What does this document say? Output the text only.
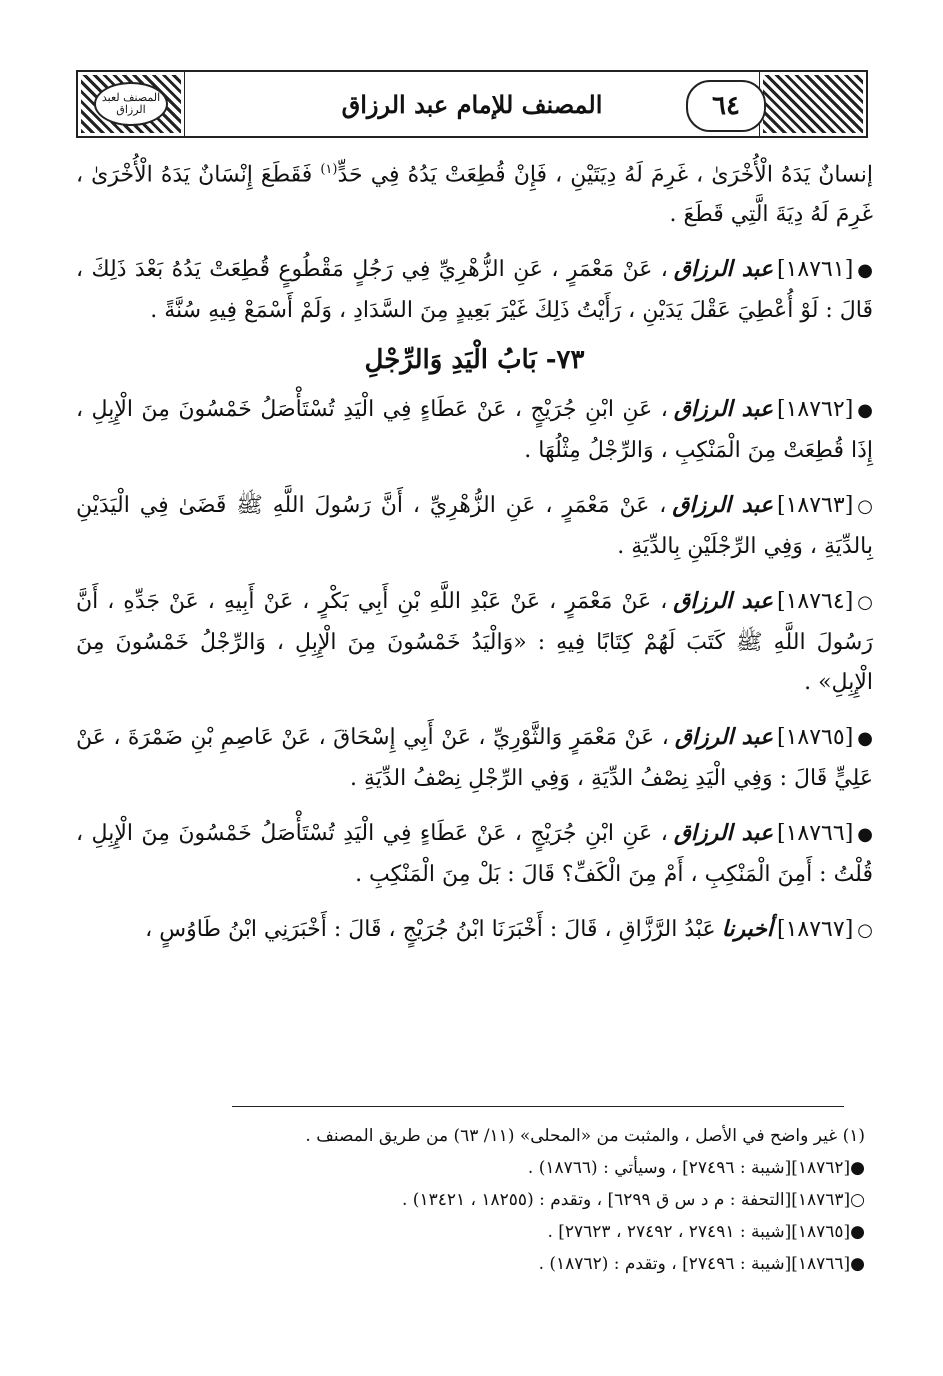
المصنف لعبد الرزاق	المصنف للإمام عبد الرزاق	٦٤
إنسانٌ يَدَهُ الْأُخْرَىٰ ، غَرِمَ لَهُ دِيَتَيْنِ ، فَإِنْ قُطِعَتْ يَدُهُ فِي حَدٍّ$^{(١)}$ فَقَطَعَ إِنْسَانٌ يَدَهُ الْأُخْرَىٰ ، غَرِمَ لَهُ دِيَةَ الَّتِي قَطَعَ .
●[١٨٧٦١]عبد الرزاق، عَنْ مَعْمَرٍ ، عَنِ الزُّهْرِيِّ فِي رَجُلٍ مَقْطُوعٍ قُطِعَتْ يَدُهُ بَعْدَ ذَلِكَ ، قَالَ : لَوْ أُعْطِيَ عَقْلَ يَدَيْنِ ، رَأَيْتُ ذَلِكَ غَيْرَ بَعِيدٍ مِنَ السَّدَادِ ، وَلَمْ أَسْمَعْ فِيهِ سُنَّةً .
٧٣- بَابُ الْيَدِ وَالرِّجْلِ
●[١٨٧٦٢]عبد الرزاق، عَنِ ابْنِ جُرَيْجٍ ، عَنْ عَطَاءٍ فِي الْيَدِ تُسْتَأْصَلُ خَمْسُونَ مِنَ الْإِبِلِ ، إِذَا قُطِعَتْ مِنَ الْمَنْكِبِ ، وَالرِّجْلُ مِثْلُهَا .
○[١٨٧٦٣]عبد الرزاق، عَنْ مَعْمَرٍ ، عَنِ الزُّهْرِيِّ ، أَنَّ رَسُولَ اللَّهِ ﷺ قَضَىٰ فِي الْيَدَيْنِ بِالدِّيَةِ ، وَفِي الرِّجْلَيْنِ بِالدِّيَةِ .
○[١٨٧٦٤]عبد الرزاق، عَنْ مَعْمَرٍ ، عَنْ عَبْدِ اللَّهِ بْنِ أَبِي بَكْرٍ ، عَنْ أَبِيهِ ، عَنْ جَدِّهِ ، أَنَّ رَسُولَ اللَّهِ ﷺ كَتَبَ لَهُمْ كِتَابًا فِيهِ : «وَالْيَدُ خَمْسُونَ مِنَ الْإِبِلِ ، وَالرِّجْلُ خَمْسُونَ مِنَ الْإِبِلِ» .
●[١٨٧٦٥]عبد الرزاق، عَنْ مَعْمَرٍ وَالثَّوْرِيِّ ، عَنْ أَبِي إِسْحَاقَ ، عَنْ عَاصِمِ بْنِ ضَمْرَةَ ، عَنْ عَلِيٍّ قَالَ : وَفِي الْيَدِ نِصْفُ الدِّيَةِ ، وَفِي الرِّجْلِ نِصْفُ الدِّيَةِ .
●[١٨٧٦٦]عبد الرزاق، عَنِ ابْنِ جُرَيْجٍ ، عَنْ عَطَاءٍ فِي الْيَدِ تُسْتَأْصَلُ خَمْسُونَ مِنَ الْإِبِلِ ، قُلْتُ : أَمِنَ الْمَنْكِبِ ، أَمْ مِنَ الْكَفِّ؟ قَالَ : بَلْ مِنَ الْمَنْكِبِ .
○[١٨٧٦٧]أخبرناعَبْدُ الرَّزَّاقِ ، قَالَ : أَخْبَرَنَا ابْنُ جُرَيْجٍ ، قَالَ : أَخْبَرَنِي ابْنُ طَاوُسٍ ،
(١) غير واضح في الأصل ، والمثبت من «المحلى» (١١/ ٦٣) من طريق المصنف .
●[١٨٧٦٢][شيبة : ٢٧٤٩٦] ، وسيأتي : (١٨٧٦٦) .
○[١٨٧٦٣][التحفة : م د س ق ٦٢٩٩] ، وتقدم : (١٨٢٥٥ ، ١٣٤٢١) .
●[١٨٧٦٥][شيبة : ٢٧٤٩١ ، ٢٧٤٩٢ ، ٢٧٦٢٣] .
●[١٨٧٦٦][شيبة : ٢٧٤٩٦] ، وتقدم : (١٨٧٦٢) .
